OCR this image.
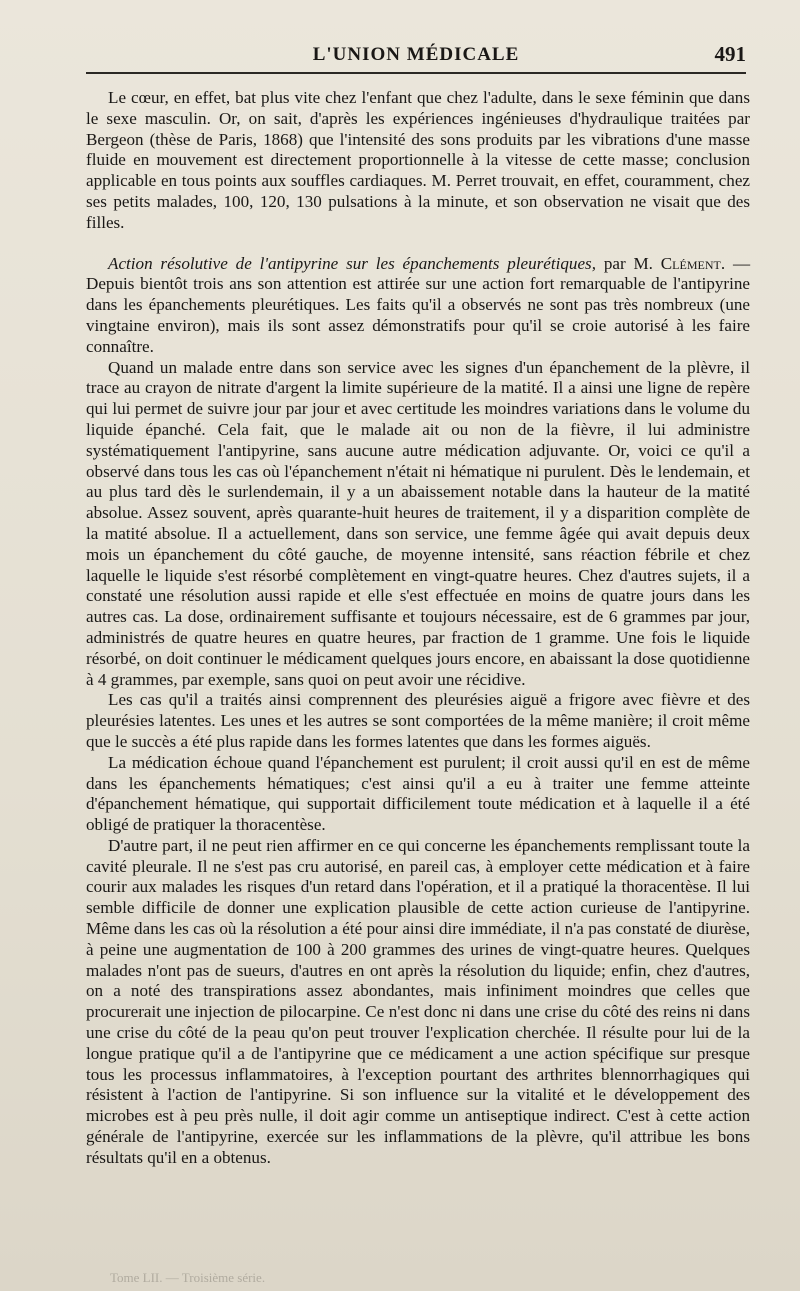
L'UNION MÉDICALE	491

Le cœur, en effet, bat plus vite chez l'enfant que chez l'adulte, dans le sexe féminin que dans le sexe masculin. Or, on sait, d'après les expériences ingénieuses d'hydraulique traitées par Bergeon (thèse de Paris, 1868) que l'intensité des sons produits par les vibrations d'une masse fluide en mouvement est directement proportionnelle à la vitesse de cette masse; conclusion applicable en tous points aux souffles cardiaques. M. Perret trouvait, en effet, couramment, chez ses petits malades, 100, 120, 130 pulsations à la minute, et son observation ne visait que des filles.

Action résolutive de l'antipyrine sur les épanchements pleurétiques, par M. Clément. — Depuis bientôt trois ans son attention est attirée sur une action fort remarquable de l'antipyrine dans les épanchements pleurétiques. Les faits qu'il a observés ne sont pas très nombreux (une vingtaine environ), mais ils sont assez démonstratifs pour qu'il se croie autorisé à les faire connaître.

Quand un malade entre dans son service avec les signes d'un épanchement de la plèvre, il trace au crayon de nitrate d'argent la limite supérieure de la matité. Il a ainsi une ligne de repère qui lui permet de suivre jour par jour et avec certitude les moindres variations dans le volume du liquide épanché. Cela fait, que le malade ait ou non de la fièvre, il lui administre systématiquement l'antipyrine, sans aucune autre médication adjuvante. Or, voici ce qu'il a observé dans tous les cas où l'épanchement n'était ni hématique ni purulent. Dès le lendemain, et au plus tard dès le surlendemain, il y a un abaissement notable dans la hauteur de la matité absolue. Assez souvent, après quarante-huit heures de traitement, il y a disparition complète de la matité absolue. Il a actuellement, dans son service, une femme âgée qui avait depuis deux mois un épanchement du côté gauche, de moyenne intensité, sans réaction fébrile et chez laquelle le liquide s'est résorbé complètement en vingt-quatre heures. Chez d'autres sujets, il a constaté une résolution aussi rapide et elle s'est effectuée en moins de quatre jours dans les autres cas. La dose, ordinairement suffisante et toujours nécessaire, est de 6 grammes par jour, administrés de quatre heures en quatre heures, par fraction de 1 gramme. Une fois le liquide résorbé, on doit continuer le médicament quelques jours encore, en abaissant la dose quotidienne à 4 grammes, par exemple, sans quoi on peut avoir une récidive.

Les cas qu'il a traités ainsi comprennent des pleurésies aiguë a frigore avec fièvre et des pleurésies latentes. Les unes et les autres se sont comportées de la même manière; il croit même que le succès a été plus rapide dans les formes latentes que dans les formes aiguës.

La médication échoue quand l'épanchement est purulent; il croit aussi qu'il en est de même dans les épanchements hématiques; c'est ainsi qu'il a eu à traiter une femme atteinte d'épanchement hématique, qui supportait difficilement toute médication et à laquelle il a été obligé de pratiquer la thoracentèse.

D'autre part, il ne peut rien affirmer en ce qui concerne les épanchements remplissant toute la cavité pleurale. Il ne s'est pas cru autorisé, en pareil cas, à employer cette médication et à faire courir aux malades les risques d'un retard dans l'opération, et il a pratiqué la thoracentèse. Il lui semble difficile de donner une explication plausible de cette action curieuse de l'antipyrine. Même dans les cas où la résolution a été pour ainsi dire immédiate, il n'a pas constaté de diurèse, à peine une augmentation de 100 à 200 grammes des urines de vingt-quatre heures. Quelques malades n'ont pas de sueurs, d'autres en ont après la résolution du liquide; enfin, chez d'autres, on a noté des transpirations assez abondantes, mais infiniment moindres que celles que procurerait une injection de pilocarpine. Ce n'est donc ni dans une crise du côté des reins ni dans une crise du côté de la peau qu'on peut trouver l'explication cherchée. Il résulte pour lui de la longue pratique qu'il a de l'antipyrine que ce médicament a une action spécifique sur presque tous les processus inflammatoires, à l'exception pourtant des arthrites blennorrhagiques qui résistent à l'action de l'antipyrine. Si son influence sur la vitalité et le développement des microbes est à peu près nulle, il doit agir comme un antiseptique indirect. C'est à cette action générale de l'antipyrine, exercée sur les inflammations de la plèvre, qu'il attribue les bons résultats qu'il en a obtenus.

Tome LII. — Troisième série.
